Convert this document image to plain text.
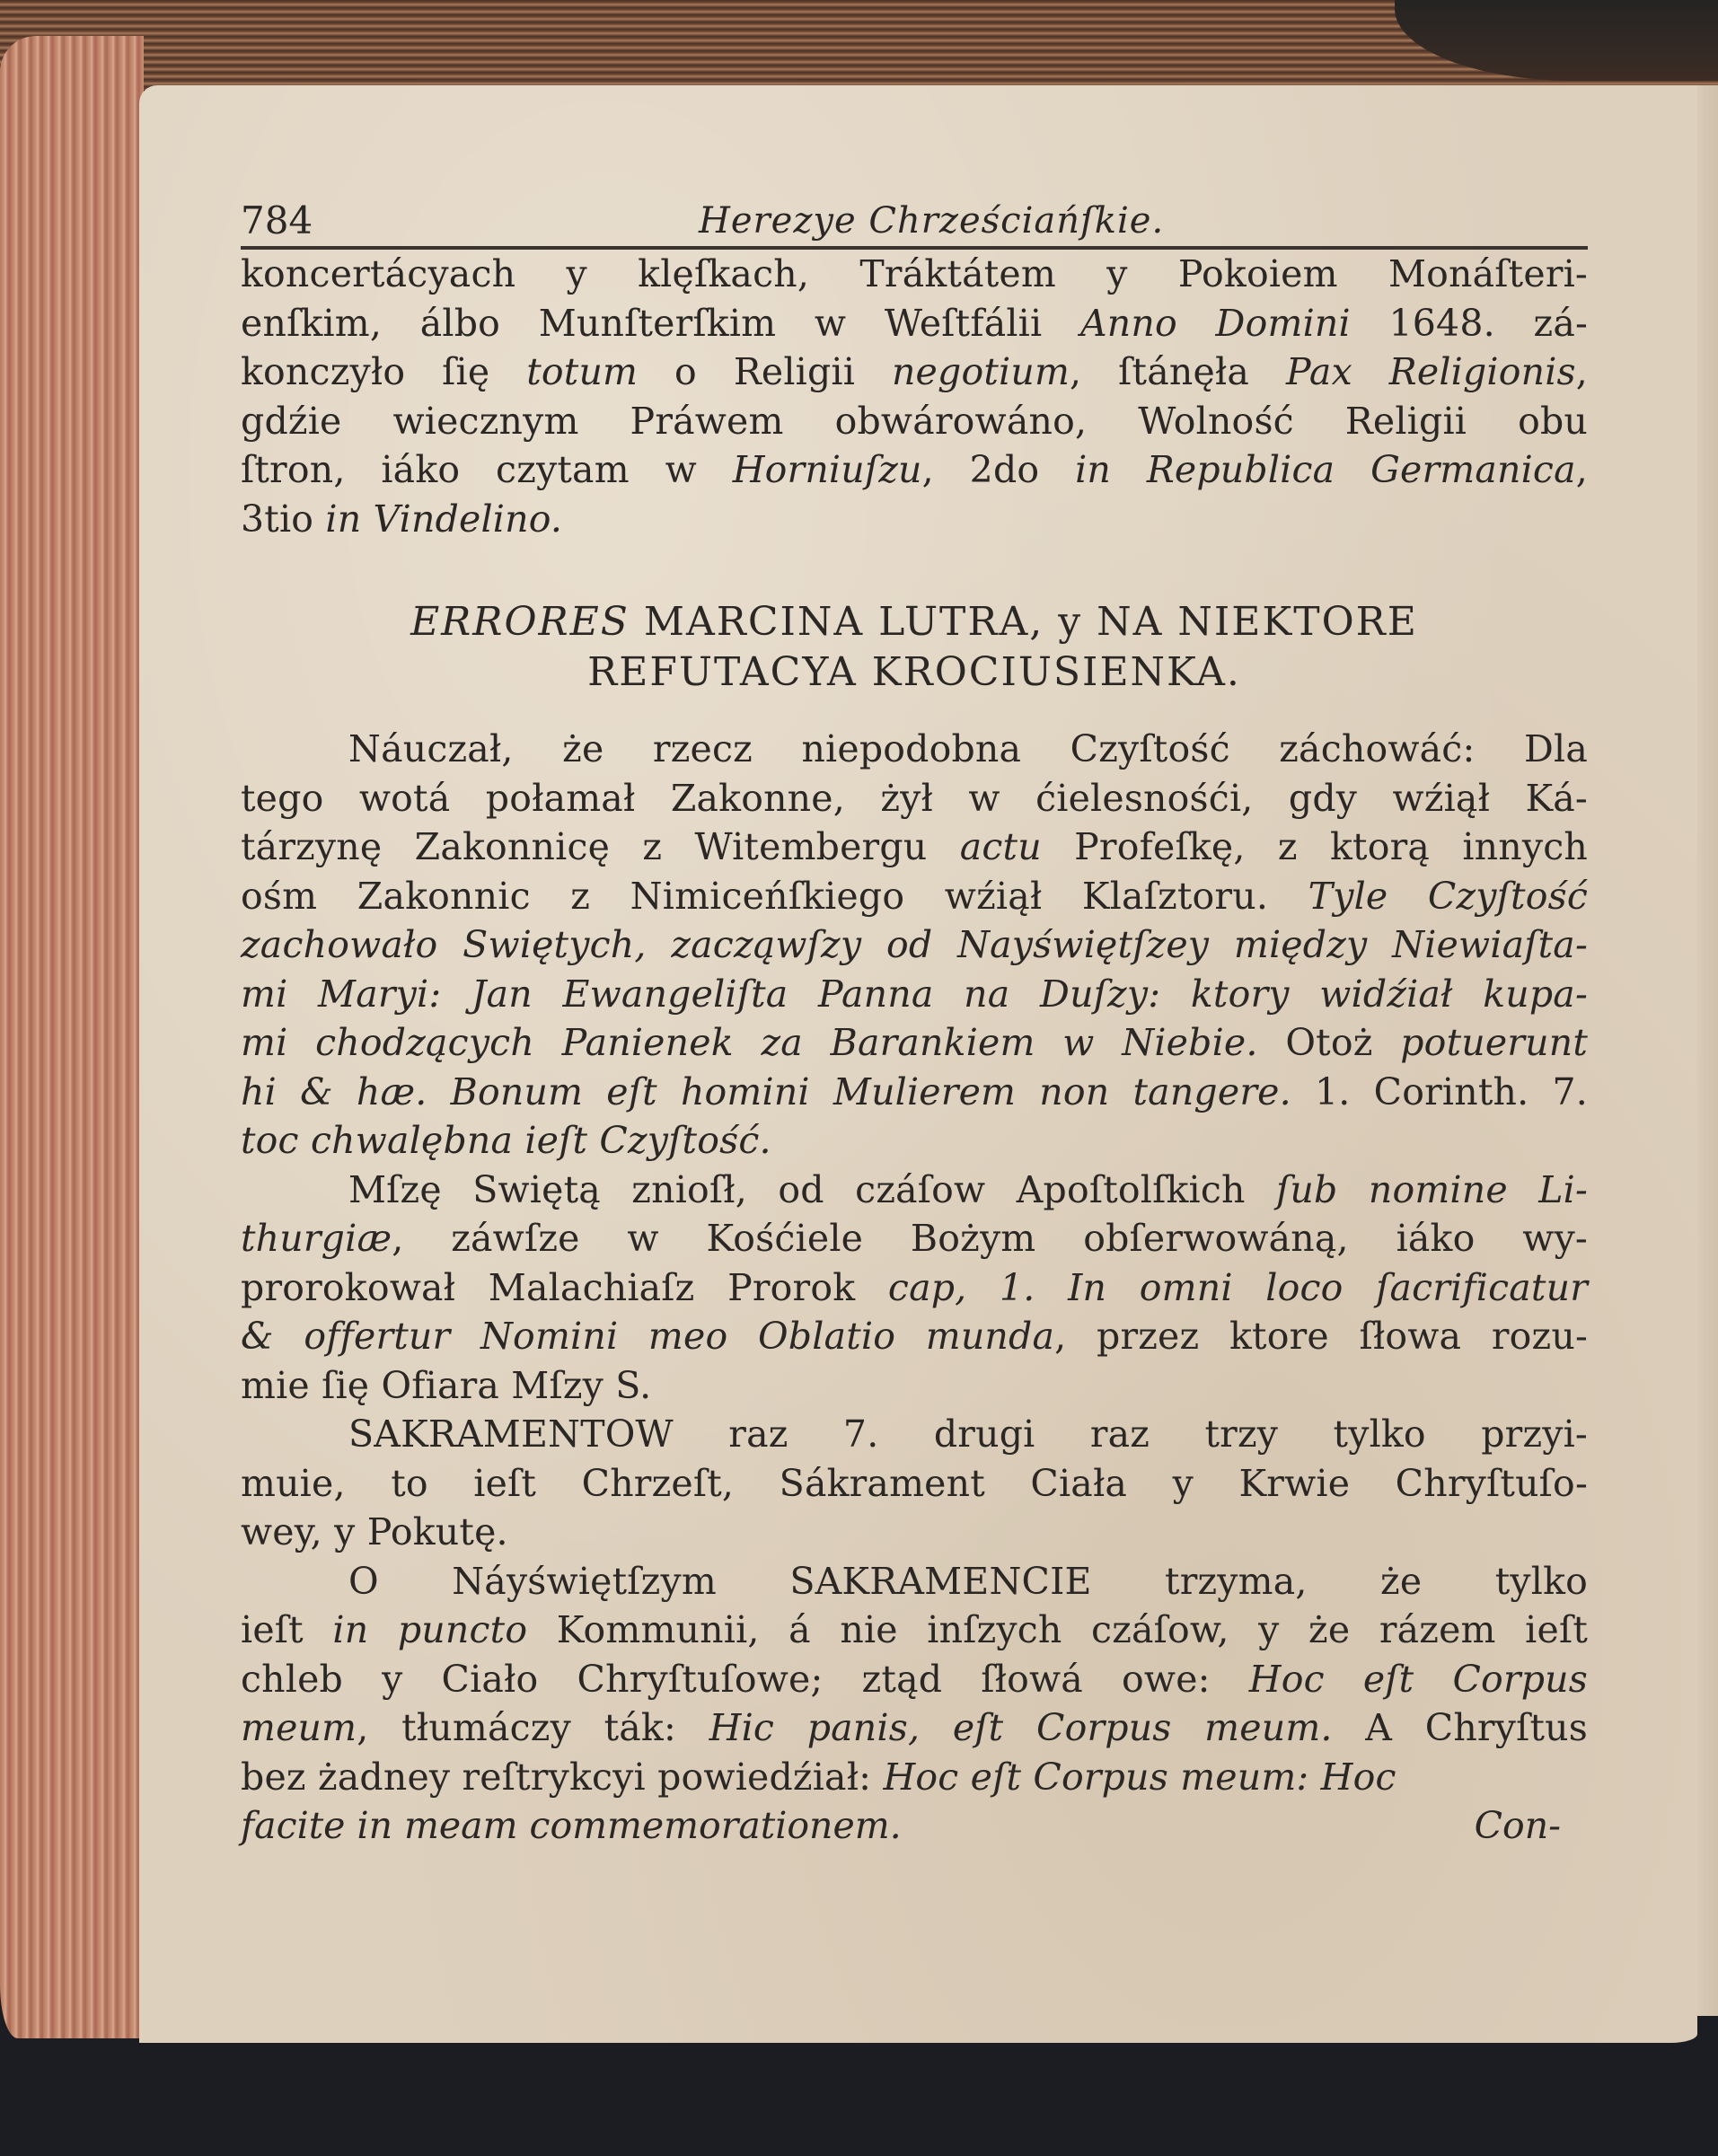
784	Herezye Chrześciańſkie.
koncertácyach y klęſkach, Tráktátem y Pokoiem Monáſteri-
enſkim, álbo Munſterſkim w Weſtfálii Anno Domini 1648. zá-
konczyło ſię totum o Religii negotium, ſtánęła Pax Religionis,
gdźie wiecznym Práwem obwárowáno, Wolność Religii obu
ſtron, iáko czytam w Horniuſzu, 2do in Republica Germanica,
3tio in Vindelino.
ERRORES MARCINA LUTRA, y NA NIEKTORE
REFUTACYA KROCIUSIENKA.
Náuczał, że rzecz niepodobna Czyſtość záchowáć: Dla
tego wotá połamał Zakonne, żył w ćielesnośći, gdy wźiął Ká-
tárzynę Zakonnicę z Witembergu actu Profeſkę, z ktorą innych
ośm Zakonnic z Nimiceńſkiego wźiął Klaſztoru. Tyle Czyſtość
zachowało Swiętych, zacząwſzy od Nayświętſzey między Niewiaſta-
mi Maryi: Jan Ewangeliſta Panna na Duſzy: ktory widźiał kupa-
mi chodzących Panienek za Barankiem w Niebie. Otoż potuerunt
hi & hæ. Bonum eſt homini Mulierem non tangere. 1. Corinth. 7.
toc chwalębna ieſt Czyſtość.
Mſzę Swiętą znioſł, od czáſow Apoſtolſkich ſub nomine Li-
thurgiæ, záwſze w Kośćiele Bożym obſerwowáną, iáko wy-
prorokował Malachiaſz Prorok cap, 1. In omni loco ſacrificatur
& offertur Nomini meo Oblatio munda, przez ktore ſłowa rozu-
mie ſię Ofiara Mſzy S.
SAKRAMENTOW raz 7. drugi raz trzy tylko przyi-
muie, to ieſt Chrzeſt, Sákrament Ciała y Krwie Chryſtuſo-
wey, y Pokutę.
O Náyświętſzym SAKRAMENCIE trzyma, że tylko
ieſt in puncto Kommunii, á nie inſzych czáſow, y że rázem ieſt
chleb y Ciało Chryſtuſowe; ztąd ſłowá owe: Hoc eſt Corpus
meum, tłumáczy ták: Hic panis, eſt Corpus meum. A Chryſtus
bez żadney reſtrykcyi powiedźiał: Hoc eſt Corpus meum: Hoc
facite in meam commemorationem.	Con-
